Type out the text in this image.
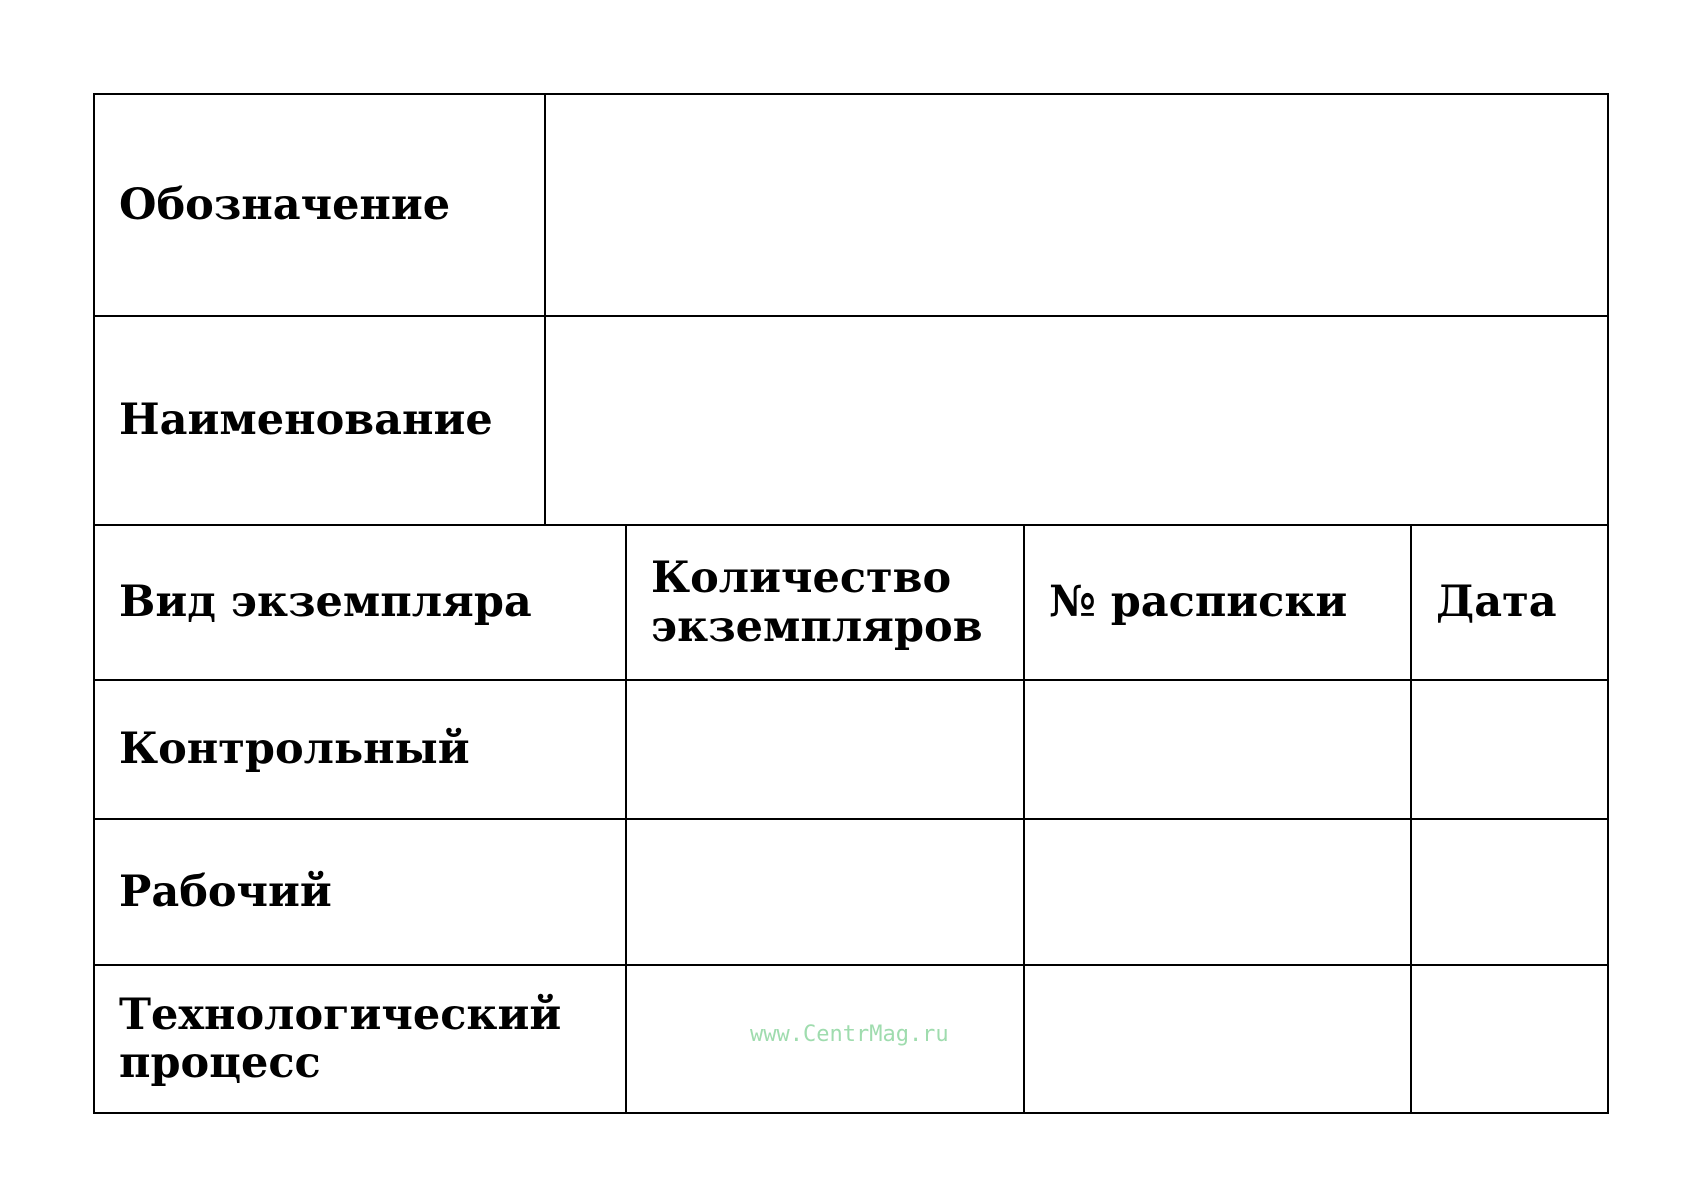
Обозначение
Наименование
Вид экземпляра	Количество
экземпляров № расписки Дата
Контрольный
Рабочий
Технологический
процесс
www.CentrMag.ru
